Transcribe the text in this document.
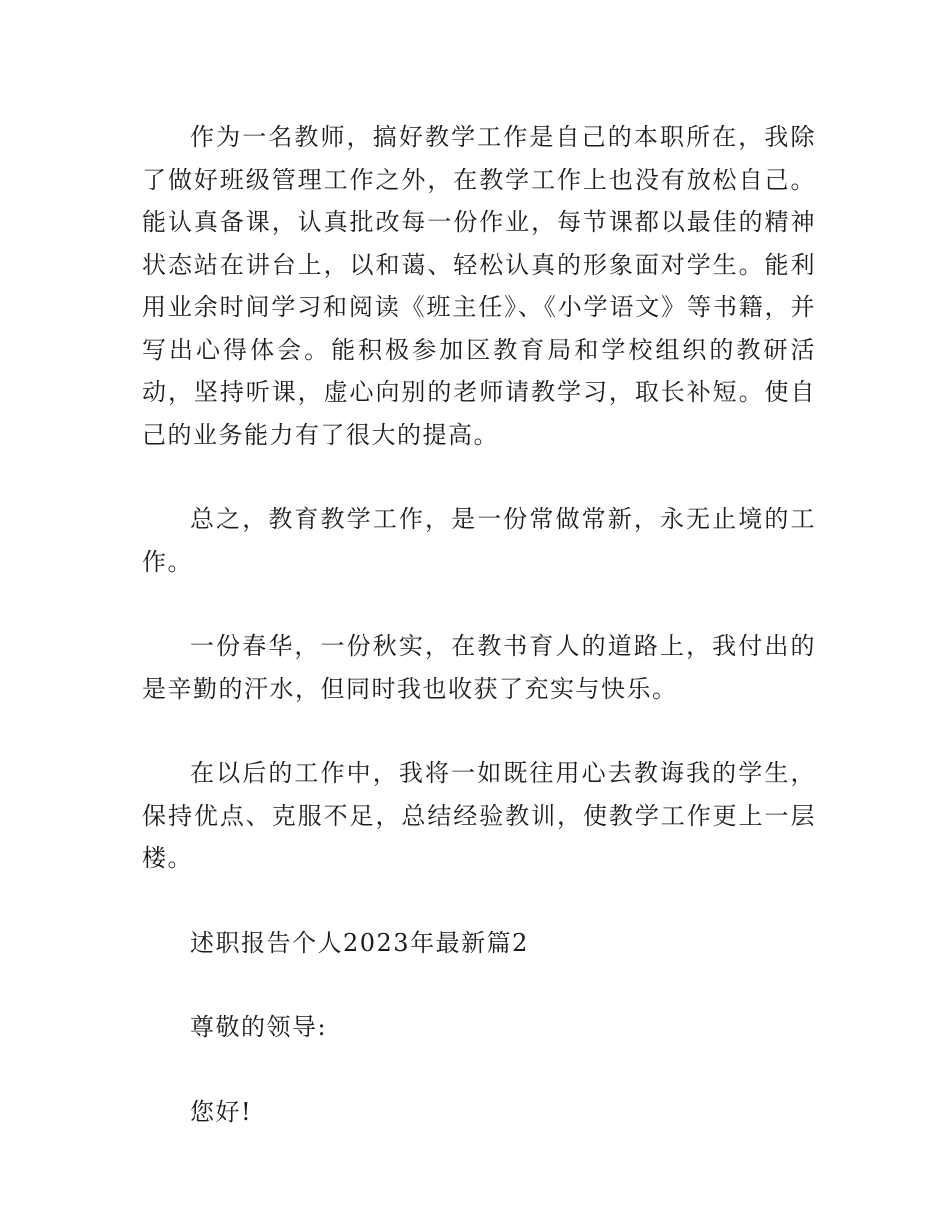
作为一名教师，搞好教学工作是自己的本职所在，我除了做好班级管理工作之外，在教学工作上也没有放松自己。能认真备课，认真批改每一份作业，每节课都以最佳的精神状态站在讲台上，以和蔼、轻松认真的形象面对学生。能利用业余时间学习和阅读《班主任》、《小学语文》等书籍，并写出心得体会。能积极参加区教育局和学校组织的教研活动，坚持听课，虚心向别的老师请教学习，取长补短。使自己的业务能力有了很大的提高。

总之，教育教学工作，是一份常做常新，永无止境的工作。

一份春华，一份秋实，在教书育人的道路上，我付出的是辛勤的汗水，但同时我也收获了充实与快乐。

在以后的工作中，我将一如既往用心去教诲我的学生，保持优点、克服不足，总结经验教训，使教学工作更上一层楼。

述职报告个人2023年最新篇2

尊敬的领导:

您好!
